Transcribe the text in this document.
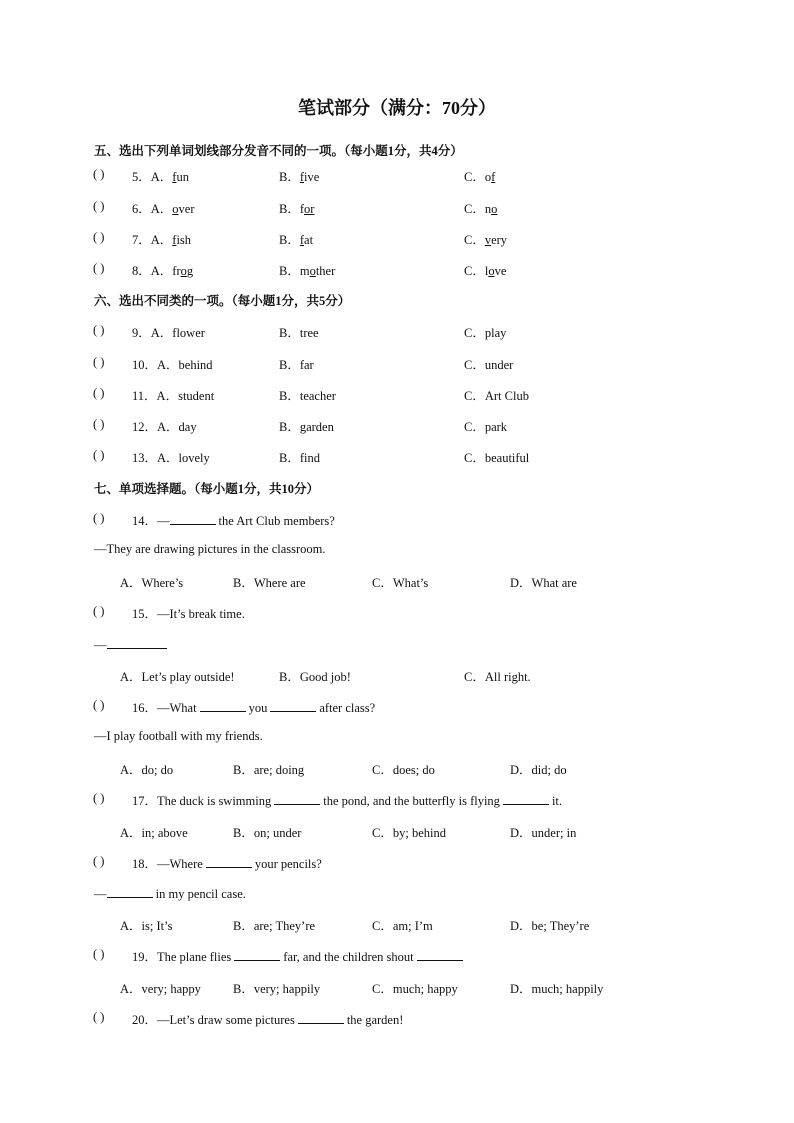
笔试部分（满分：70分）
五、选出下列单词划线部分发音不同的一项。（每小题1分，共4分）
( ) 5．A．fun	B．five	C．of
( ) 6．A．over	B．for	C．no
( ) 7．A．fish	B．fat	C．very
( ) 8．A．frog	B．mother	C．love
六、选出不同类的一项。（每小题1分，共5分）
( ) 9．A．flower	B．tree	C．play
( ) 10．A．behind	B．far	C．under
( ) 11．A．student	B．teacher	C．Art Club
( ) 12．A．day	B．garden	C．park
( ) 13．A．lovely	B．find	C．beautiful
七、单项选择题。（每小题1分，共10分）
( ) 14．—	the Art Club members?
—They are drawing pictures in the classroom.
A．Where’s	B．Where are	C．What’s	D．What are
( ) 15．—It’s break time.
—
A．Let’s play outside!	B．Good job!	C．All right.
( ) 16．—What	you	after class?
—I play football with my friends.
A．do; do	B．are; doing	C．does; do	D．did; do
( ) 17．The duck is swimming	the pond, and the butterfly is flying	it.
A．in; above	B．on; under	C．by; behind	D．under; in
( ) 18．—Where	your pencils?
—	in my pencil case.
A．is; It’s	B．are; They’re	C．am; I’m	D．be; They’re
( ) 19．The plane flies	far, and the children shout
A．very; happy	B．very; happily	C．much; happy	D．much; happily
( ) 20．—Let’s draw some pictures	the garden!
